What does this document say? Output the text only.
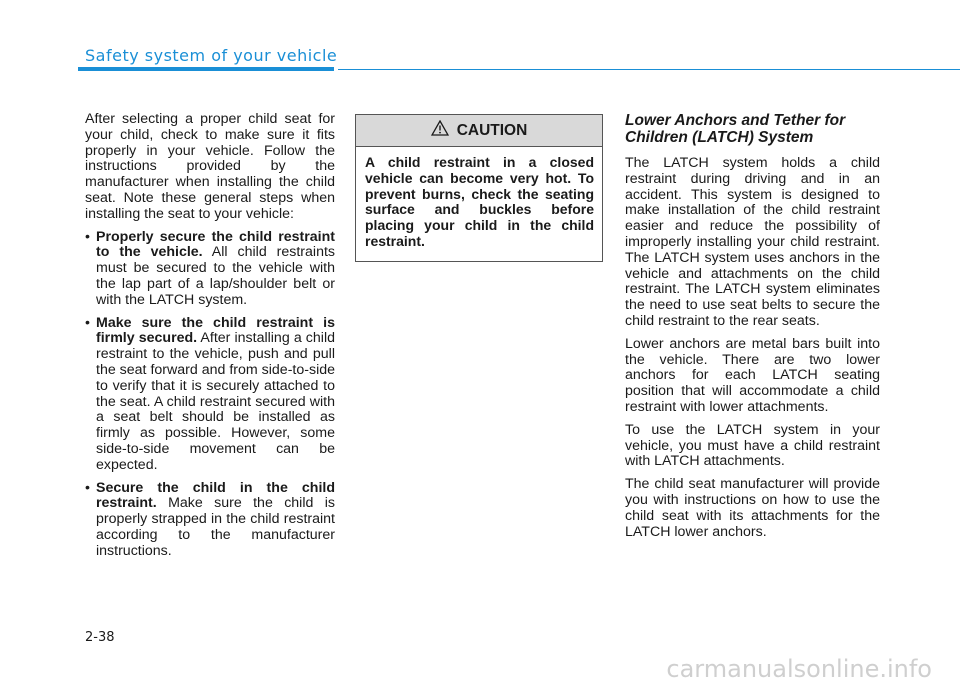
Safety system of your vehicle

After selecting a proper child seat for your child, check to make sure it fits properly in your vehicle. Follow the instructions provided by the manufacturer when installing the child seat. Note these general steps when installing the seat to your vehicle:

• Properly secure the child restraint to the vehicle. All child restraints must be secured to the vehicle with the lap part of a lap/shoulder belt or with the LATCH system.
• Make sure the child restraint is firmly secured. After installing a child restraint to the vehicle, push and pull the seat forward and from side-to-side to verify that it is securely attached to the seat. A child restraint secured with a seat belt should be installed as firmly as possible. However, some side-to-side movement can be expected.
• Secure the child in the child restraint. Make sure the child is properly strapped in the child restraint according to the manufacturer instructions.
CAUTION
A child restraint in a closed vehicle can become very hot. To prevent burns, check the seating surface and buckles before placing your child in the child restraint.
Lower Anchors and Tether for Children (LATCH) System

The LATCH system holds a child restraint during driving and in an accident. This system is designed to make installation of the child restraint easier and reduce the possibility of improperly installing your child restraint. The LATCH system uses anchors in the vehicle and attachments on the child restraint. The LATCH system eliminates the need to use seat belts to secure the child restraint to the rear seats.

Lower anchors are metal bars built into the vehicle. There are two lower anchors for each LATCH seating position that will accommodate a child restraint with lower attachments.

To use the LATCH system in your vehicle, you must have a child restraint with LATCH attachments.

The child seat manufacturer will provide you with instructions on how to use the child seat with its attachments for the LATCH lower anchors.

2-38
carmanualsonline.info
